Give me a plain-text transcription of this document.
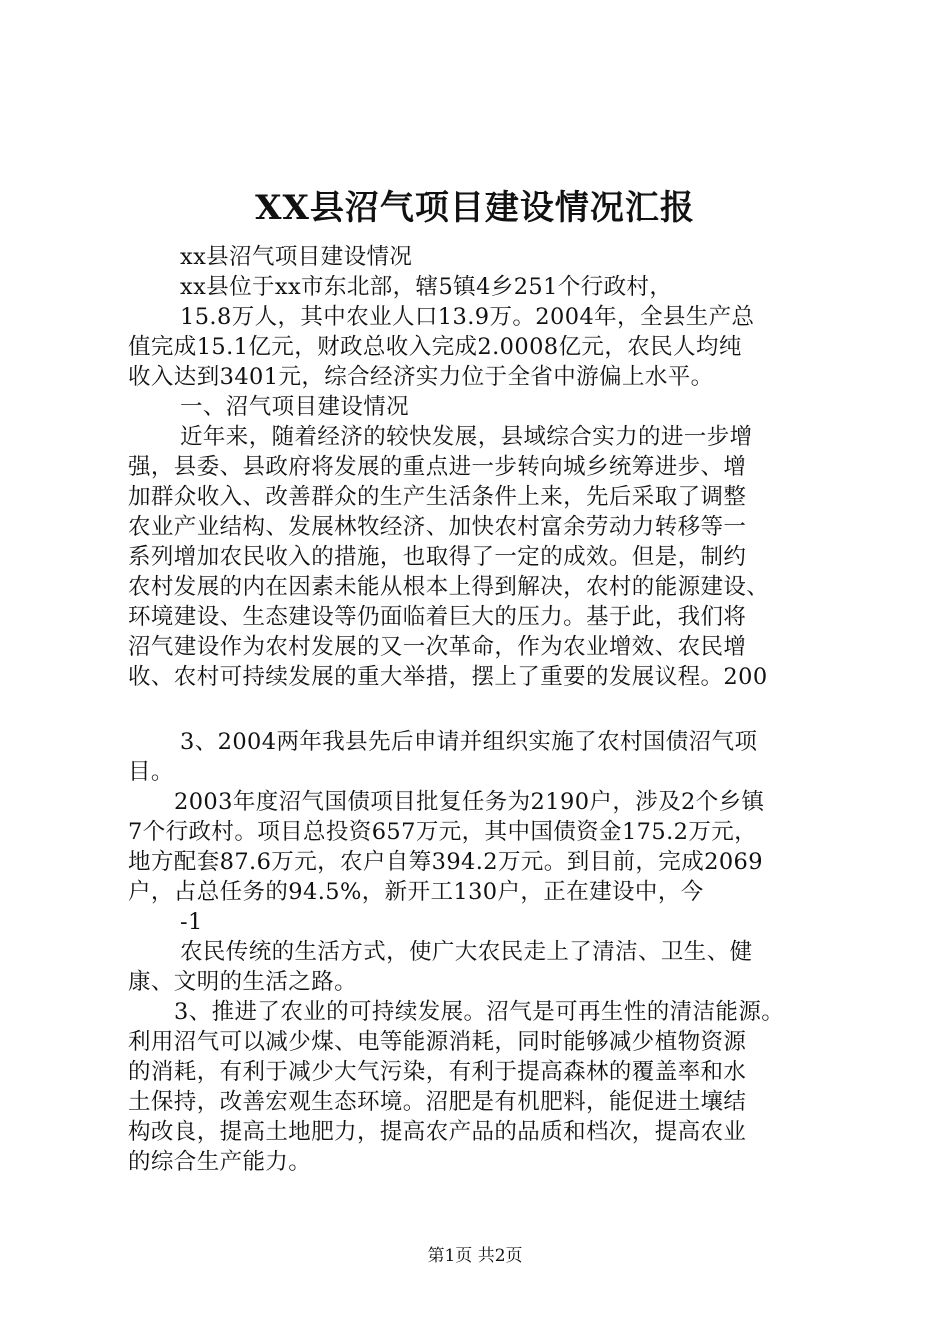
XX县沼气项目建设情况汇报

xx县沼气项目建设情况

xx县位于xx市东北部，辖5镇4乡251个行政村，

15.8万人，其中农业人口13.9万。2004年，全县生产总

值完成15.1亿元，财政总收入完成2.0008亿元，农民人均纯

收入达到3401元，综合经济实力位于全省中游偏上水平。

一、沼气项目建设情况

近年来，随着经济的较快发展，县域综合实力的进一步增

强，县委、县政府将发展的重点进一步转向城乡统筹进步、增

加群众收入、改善群众的生产生活条件上来，先后采取了调整

农业产业结构、发展林牧经济、加快农村富余劳动力转移等一

系列增加农民收入的措施，也取得了一定的成效。但是，制约

农村发展的内在因素未能从根本上得到解决，农村的能源建设、

环境建设、生态建设等仍面临着巨大的压力。基于此，我们将

沼气建设作为农村发展的又一次革命，作为农业增效、农民增

收、农村可持续发展的重大举措，摆上了重要的发展议程。200

3、2004两年我县先后申请并组织实施了农村国债沼气项

目。

2003年度沼气国债项目批复任务为2190户，涉及2个乡镇

7个行政村。项目总投资657万元，其中国债资金175.2万元，

地方配套87.6万元，农户自筹394.2万元。到目前，完成2069

户，占总任务的94.5%，新开工130户，正在建设中，今

-1

农民传统的生活方式，使广大农民走上了清洁、卫生、健

康、文明的生活之路。

3、推进了农业的可持续发展。沼气是可再生性的清洁能源。

利用沼气可以减少煤、电等能源消耗，同时能够减少植物资源

的消耗，有利于减少大气污染，有利于提高森林的覆盖率和水

土保持，改善宏观生态环境。沼肥是有机肥料，能促进土壤结

构改良，提高土地肥力，提高农产品的品质和档次，提高农业

的综合生产能力。

第1页 共2页
